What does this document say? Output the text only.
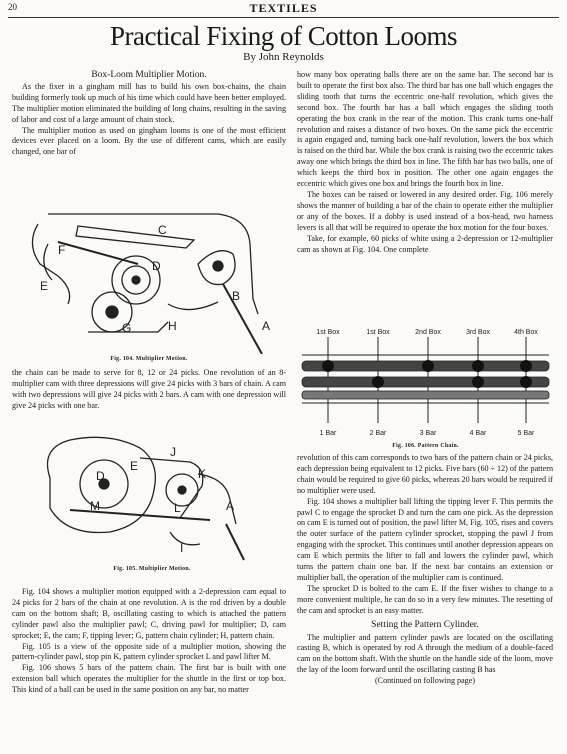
20	TEXTILES
Practical Fixing of Cotton Looms
By John Reynolds
Box-Loom Multiplier Motion.

As the fixer in a gingham mill has to build his own box-chains, the chain building formerly took up much of his time which could have been better employed. The multiplier motion eliminated the building of long chains, resulting in the saving of labor and cost of a large amount of chain stock.

The multiplier motion as used on gingham looms is one of the most efficient devices ever placed on a loom. By the use of different cams, which are easily changed, one bar of

C
F
D
E
B
G	H	A
Fig. 104. Multiplier Motion.

the chain can be made to serve for 8, 12 or 24 picks. One revolution of an 8-multiplier cam with three depressions will give 24 picks with 3 bars of chain. A cam with two depressions will give 24 picks with 2 bars. A cam with one depression will give 24 picks with one bar.

J
K
E
D
L
M	A
I
Fig. 105. Multiplier Motion.

Fig. 104 shows a multiplier motion equipped with a 2-depression cam equal to 24 picks for 2 bars of the chain at one revolution. A is the rod driven by a double cam on the bottom shaft; B, oscillating casting to which is attached the pattern cylinder pawl also the multiplier pawl; C, driving pawl for multiplier; D, cam sprocket; E, the cam; F, tipping lever; G, pattern chain cylinder; H, pattern chain.

Fig. 105 is a view of the opposite side of a multiplier motion, showing the pattern-cylinder pawl, stop pin K, pattern cylinder sprocket L and pawl lifter M.

Fig. 106 shows 5 bars of the pattern chain. The first bar is built with one extension ball which operates the multiplier for the shuttle in the first or top box. This kind of a ball can be used in the same position on any bar, no matter

how many box operating balls there are on the same bar. The second bar is built to operate the first box also. The third bar has one ball which engages the sliding tooth that turns the eccentric one-half revolution, which gives the second box. The fourth bar has a ball which engages the sliding tooth operating the box crank in the rear of the motion. This crank turns one-half revolution and raises a distance of two boxes. On the same pick the eccentric is again engaged and, turning back one-half revolution, lowers the box which is raised on the third bar. While the box crank is raising two the eccentric takes away one which brings the third box in line. The fifth bar has two balls, one of which keeps the third box in position. The other one again engages the eccentric which gives one box and brings the fourth box in line.

The boxes can be raised or lowered in any desired order. Fig. 106 merely shows the manner of building a bar of the chain to operate either the multiplier or any of the boxes. If a dobby is used instead of a box-head, two harness levers is all that will be required to operate the box motion for the four boxes.

Take, for example, 60 picks of white using a 2-depression or 12-multiplier cam as shown at Fig. 104. One complete

1st Box	1st Box	2nd Box	3rd Box	4th Box
1 Bar	2 Bar	3 Bar	4 Bar	5 Bar
Fig. 106. Pattern Chain.

revolution of this cam corresponds to two bars of the pattern chain or 24 picks, each depression being equivalent to 12 picks. Five bars (60 ÷ 12) of the pattern chain would be required to give 60 picks, whereas 20 bars would be required if no multiplier were used.

Fig. 104 shows a multiplier ball lifting the tipping lever F. This permits the pawl C to engage the sprocket D and turn the cam one pick. As the depression on cam E is turned out of position, the pawl lifter M, Fig. 105, rises and covers the outer surface of the pattern cylinder sprocket, stopping the pawl J from engaging with the sprocket. This continues until another depression appears on cam E which permits the lifter to fall and lowers the cylinder pawl, which turns the pattern chain one bar. If the next bar contains an extension or multiplier ball, the operation of the multiplier cam is continued.

The sprocket D is bolted to the cam E. If the fixer wishes to change to a more convenient multiple, he can do so in a very few minutes. The resetting of the cam and sprocket is an easy matter.

Setting the Pattern Cylinder.

The multiplier and pattern cylinder pawls are located on the oscillating casting B, which is operated by rod A through the medium of a double-faced cam on the bottom shaft. With the shuttle on the handle side of the loom, move the lay of the loom forward until the oscillating casting B has

(Continued on following page)
